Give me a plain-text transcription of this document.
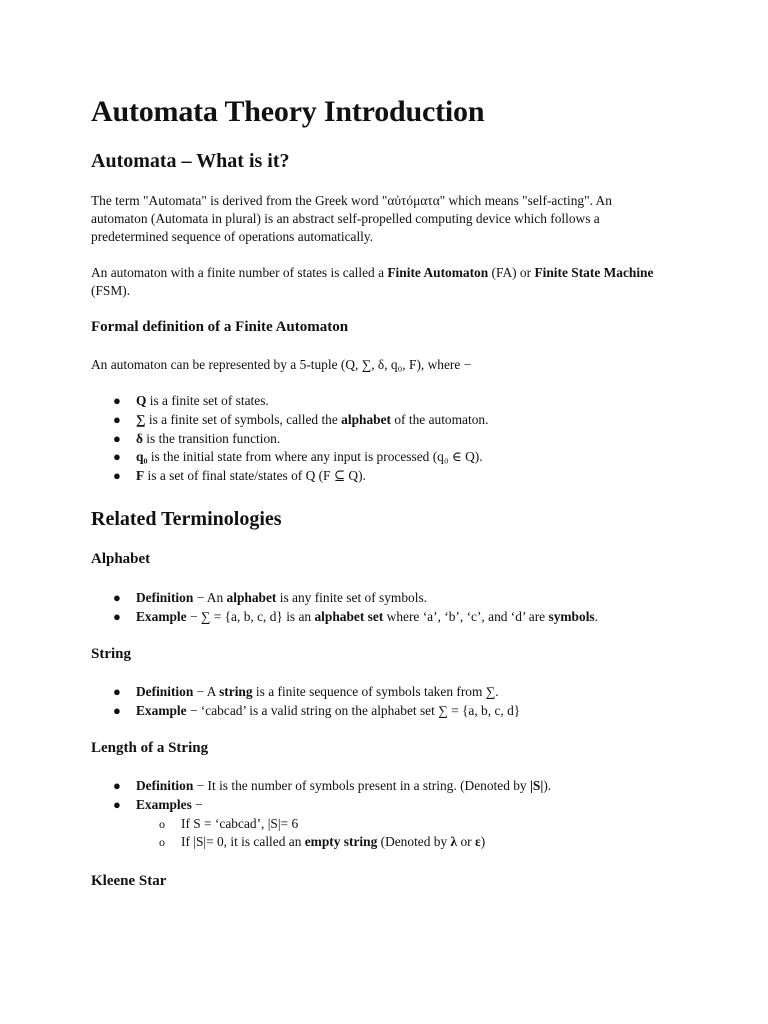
Automata Theory Introduction
Automata – What is it?

The term "Automata" is derived from the Greek word "αὐτόματα" which means "self-acting". An automaton (Automata in plural) is an abstract self-propelled computing device which follows a predetermined sequence of operations automatically.

An automaton with a finite number of states is called a Finite Automaton (FA) or Finite State Machine (FSM).

Formal definition of a Finite Automaton

An automaton can be represented by a 5-tuple (Q, ∑, δ, q₀, F), where −

● Q is a finite set of states.
● ∑ is a finite set of symbols, called the alphabet of the automaton.
● δ is the transition function.
● q₀ is the initial state from where any input is processed (q₀ ∈ Q).
● F is a set of final state/states of Q (F ⊆ Q).
Related Terminologies
Alphabet
● Definition − An alphabet is any finite set of symbols.
● Example − ∑ = {a, b, c, d} is an alphabet set where ‘a’, ‘b’, ‘c’, and ‘d’ are symbols.
String
● Definition − A string is a finite sequence of symbols taken from ∑.
● Example − ‘cabcad’ is a valid string on the alphabet set ∑ = {a, b, c, d}
Length of a String
● Definition − It is the number of symbols present in a string. (Denoted by |S|).
● Examples −
o If S = ‘cabcad’, |S|= 6
o If |S|= 0, it is called an empty string (Denoted by λ or ε)
Kleene Star
